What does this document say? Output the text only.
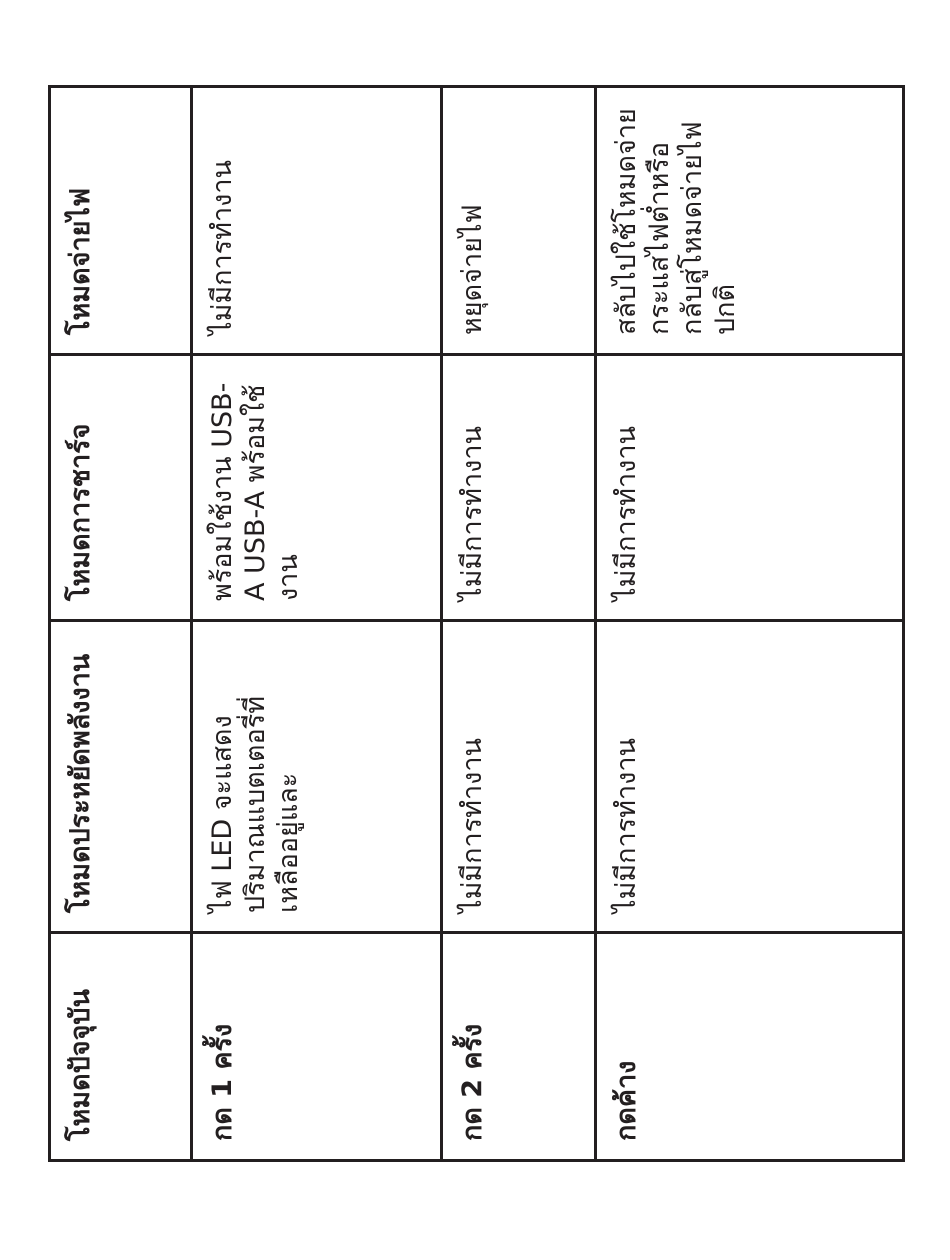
โหมดปัจจุบัน	โหมดประหยัดพลังงาน	โหมดการชาร์จ	โหมดจ่ายไฟ
กด 1 ครั้ง	ไฟ LED จะแสดงปริมาณแบตเตอรี่ที่เหลืออยู่และ	พร้อมใช้งาน USB-A USB-A พร้อมใช้งาน	ไม่มีการทำงาน
กด 2 ครั้ง	ไม่มีการทำงาน	ไม่มีการทำงาน	หยุดจ่ายไฟ
กดค้าง	ไม่มีการทำงาน	ไม่มีการทำงาน	สลับไปใช้โหมดจ่ายกระแสไฟต่ำหรือกลับสู่โหมดจ่ายไฟปกติ
